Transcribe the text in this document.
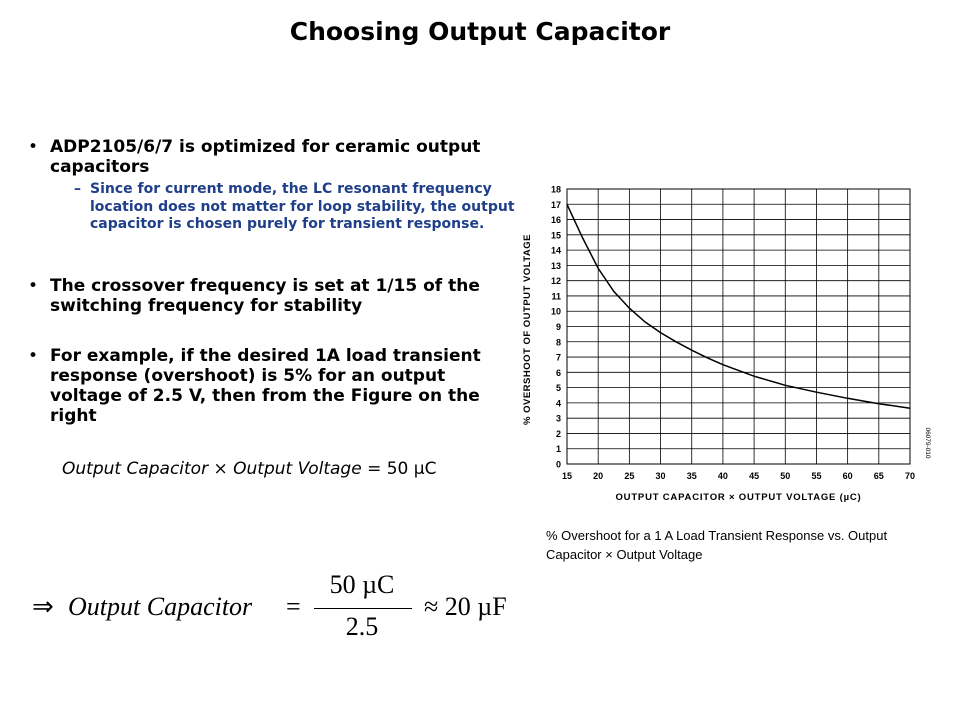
Choosing Output Capacitor
• ADP2105/6/7 is optimized for ceramic output capacitors
– Since for current mode, the LC resonant frequency location does not matter for loop stability, the output capacitor is chosen purely for transient response.
• The crossover frequency is set at 1/15 of the switching frequency for stability
• For example, if the desired 1A load transient response (overshoot) is 5% for an output voltage of 2.5 V, then from the Figure on the right
Output Capacitor × Output Voltage = 50 µC
⇒ Output Capacitor =
50 µC
2.5
≈ 20 µF
0
1
2
3
4
5
6
7
8
9
10
11
12
13
14
15
16
17
18
15 20 25 30 35 40 45 50 55 60 65 70
OUTPUT CAPACITOR × OUTPUT VOLTAGE (µC)
% OVERSHOOT OF OUTPUT VOLTAGE
06079-010
% Overshoot for a 1 A Load Transient Response vs. Output Capacitor × Output Voltage
